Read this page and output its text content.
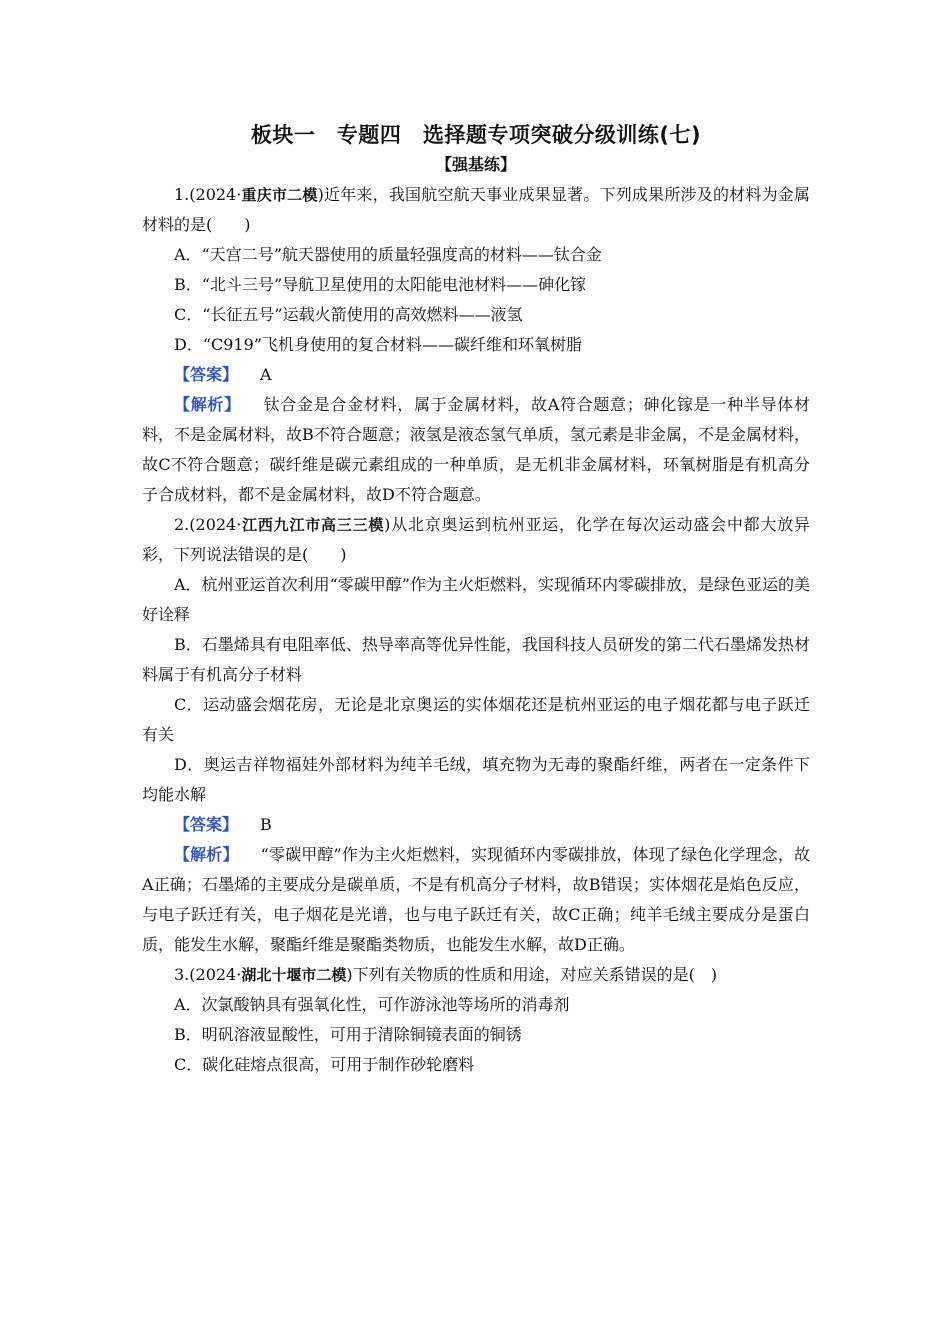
板块一　专题四　选择题专项突破分级训练(七)
【强基练】

1.(2024·重庆市二模)近年来，我国航空航天事业成果显著。下列成果所涉及的材料为金属材料的是(　　)

A．“天宫二号”航天器使用的质量轻强度高的材料——钛合金

B．“北斗三号”导航卫星使用的太阳能电池材料——砷化镓

C．“长征五号”运载火箭使用的高效燃料——液氢

D．“C919”飞机身使用的复合材料——碳纤维和环氧树脂

【答案】 A

【解析】 钛合金是合金材料，属于金属材料，故A符合题意；砷化镓是一种半导体材料，不是金属材料，故B不符合题意；液氢是液态氢气单质，氢元素是非金属，不是金属材料，故C不符合题意；碳纤维是碳元素组成的一种单质，是无机非金属材料，环氧树脂是有机高分子合成材料，都不是金属材料，故D不符合题意。

2.(2024·江西九江市高三三模)从北京奥运到杭州亚运，化学在每次运动盛会中都大放异彩，下列说法错误的是(　　)

A．杭州亚运首次利用“零碳甲醇”作为主火炬燃料，实现循环内零碳排放，是绿色亚运的美好诠释

B．石墨烯具有电阻率低、热导率高等优异性能，我国科技人员研发的第二代石墨烯发热材料属于有机高分子材料

C．运动盛会烟花房，无论是北京奥运的实体烟花还是杭州亚运的电子烟花都与电子跃迁有关

D．奥运吉祥物福娃外部材料为纯羊毛绒，填充物为无毒的聚酯纤维，两者在一定条件下均能水解

【答案】 B

【解析】 “零碳甲醇”作为主火炬燃料，实现循环内零碳排放，体现了绿色化学理念，故A正确；石墨烯的主要成分是碳单质，不是有机高分子材料，故B错误；实体烟花是焰色反应，与电子跃迁有关，电子烟花是光谱，也与电子跃迁有关，故C正确；纯羊毛绒主要成分是蛋白质，能发生水解，聚酯纤维是聚酯类物质，也能发生水解，故D正确。

3.(2024·湖北十堰市二模)下列有关物质的性质和用途，对应关系错误的是(　)

A．次氯酸钠具有强氧化性，可作游泳池等场所的消毒剂

B．明矾溶液显酸性，可用于清除铜镜表面的铜锈

C．碳化硅熔点很高，可用于制作砂轮磨料
